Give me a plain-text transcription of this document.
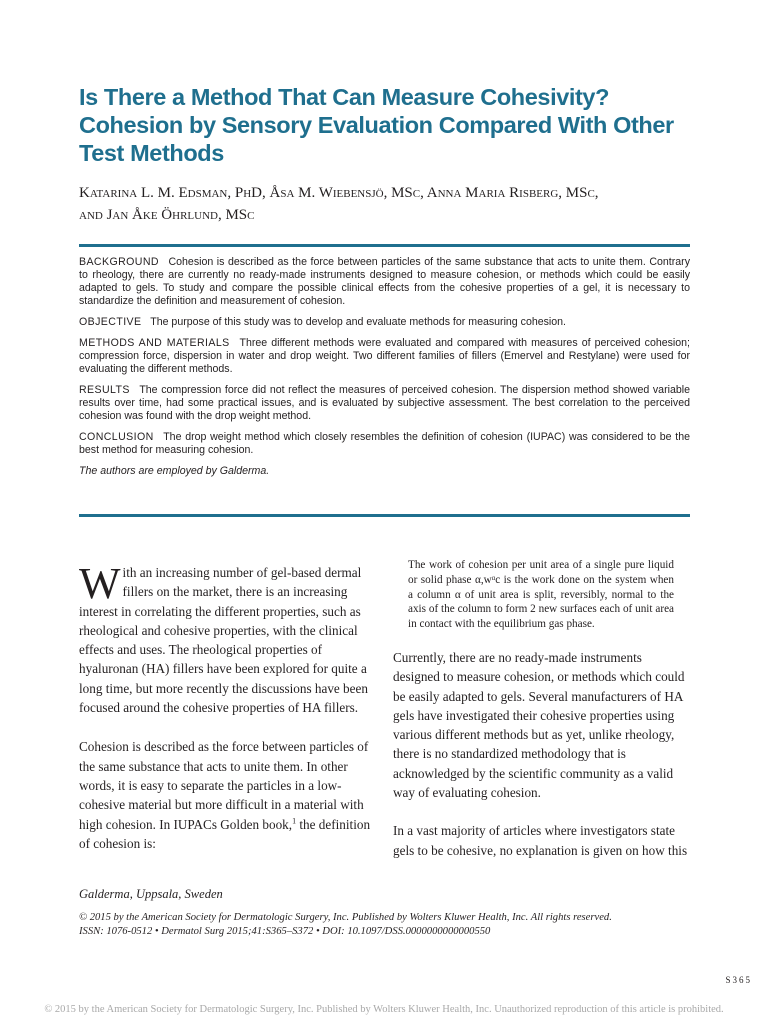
Is There a Method That Can Measure Cohesivity?
Cohesion by Sensory Evaluation Compared With Other
Test Methods
Katarina L. M. Edsman, PhD, Åsa M. Wiebensjö, MSc, Anna Maria Risberg, MSc,
and Jan Åke Öhrlund, MSc

BACKGROUND Cohesion is described as the force between particles of the same substance that acts to unite them. Contrary to rheology, there are currently no ready-made instruments designed to measure cohesion, or methods which could be easily adapted to gels. To study and compare the possible clinical effects from the cohesive properties of a gel, it is necessary to standardize the definition and measurement of cohesion.

OBJECTIVE The purpose of this study was to develop and evaluate methods for measuring cohesion.

METHODS AND MATERIALS Three different methods were evaluated and compared with measures of perceived cohesion; compression force, dispersion in water and drop weight. Two different families of fillers (Emervel and Restylane) were used for evaluating the different methods.

RESULTS The compression force did not reflect the measures of perceived cohesion. The dispersion method showed variable results over time, had some practical issues, and is evaluated by subjective assessment. The best correlation to the perceived cohesion was found with the drop weight method.

CONCLUSION The drop weight method which closely resembles the definition of cohesion (IUPAC) was considered to be the best method for measuring cohesion.

The authors are employed by Galderma.

With an increasing number of gel-based dermal fillers on the market, there is an increasing interest in correlating the different properties, such as rheological and cohesive properties, with the clinical effects and uses. The rheological properties of hyaluronan (HA) fillers have been explored for quite a long time, but more recently the discussions have been focused around the cohesive properties of HA fillers.

Cohesion is described as the force between particles of the same substance that acts to unite them. In other words, it is easy to separate the particles in a low-cohesive material but more difficult in a material with high cohesion. In IUPACs Golden book,$^1$ the definition of cohesion is:

The work of cohesion per unit area of a single pure liquid or solid phase α,wᵅc is the work done on the system when a column α of unit area is split, reversibly, normal to the axis of the column to form 2 new surfaces each of unit area in contact with the equilibrium gas phase.

Currently, there are no ready-made instruments designed to measure cohesion, or methods which could be easily adapted to gels. Several manufacturers of HA gels have investigated their cohesive properties using various different methods but as yet, unlike rheology, there is no standardized methodology that is acknowledged by the scientific community as a valid way of evaluating cohesion.

In a vast majority of articles where investigators state gels to be cohesive, no explanation is given on how this

Galderma, Uppsala, Sweden
© 2015 by the American Society for Dermatologic Surgery, Inc. Published by Wolters Kluwer Health, Inc. All rights reserved.
ISSN: 1076-0512 • Dermatol Surg 2015;41:S365–S372 • DOI: 10.1097/DSS.0000000000000550
S365
© 2015 by the American Society for Dermatologic Surgery, Inc. Published by Wolters Kluwer Health, Inc. Unauthorized reproduction of this article is prohibited.
